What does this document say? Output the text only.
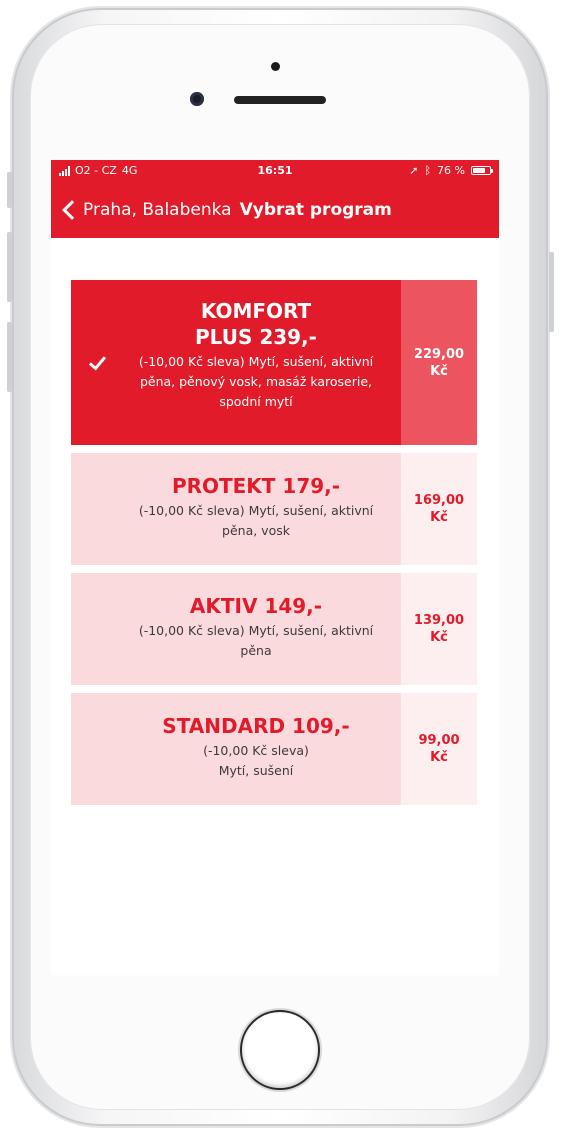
O2 - CZ 4G	16:51	➚ ᛒ 76 %
Praha, Balabenka Vybrat program
KOMFORT
PLUS 239,-
(-10,00 Kč sleva) Mytí, sušení, aktivní pěna, pěnový vosk, masáž karoserie, spodní mytí
229,00
Kč
PROTEKT 179,-
(-10,00 Kč sleva) Mytí, sušení, aktivní pěna, vosk
169,00
Kč
AKTIV 149,-
(-10,00 Kč sleva) Mytí, sušení, aktivní pěna
139,00
Kč
STANDARD 109,-
(-10,00 Kč sleva)
Mytí, sušení
99,00
Kč
